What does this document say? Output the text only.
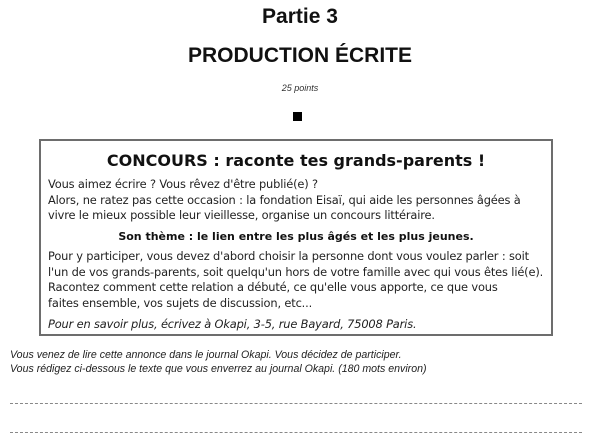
Partie 3
PRODUCTION ÉCRITE
25 points
CONCOURS : raconte tes grands-parents !
Vous aimez écrire ? Vous rêvez d'être publié(e) ?
Alors, ne ratez pas cette occasion : la fondation Eisaï, qui aide les personnes âgées à
vivre le mieux possible leur vieillesse, organise un concours littéraire.
Son thème : le lien entre les plus âgés et les plus jeunes.
Pour y participer, vous devez d'abord choisir la personne dont vous voulez parler : soit
l'un de vos grands-parents, soit quelqu'un hors de votre famille avec qui vous êtes lié(e).
Racontez comment cette relation a débuté, ce qu'elle vous apporte, ce que vous
faites ensemble, vos sujets de discussion, etc...
Pour en savoir plus, écrivez à Okapi, 3-5, rue Bayard, 75008 Paris.
Vous venez de lire cette annonce dans le journal Okapi. Vous décidez de participer.
Vous rédigez ci-dessous le texte que vous enverrez au journal Okapi. (180 mots environ)
